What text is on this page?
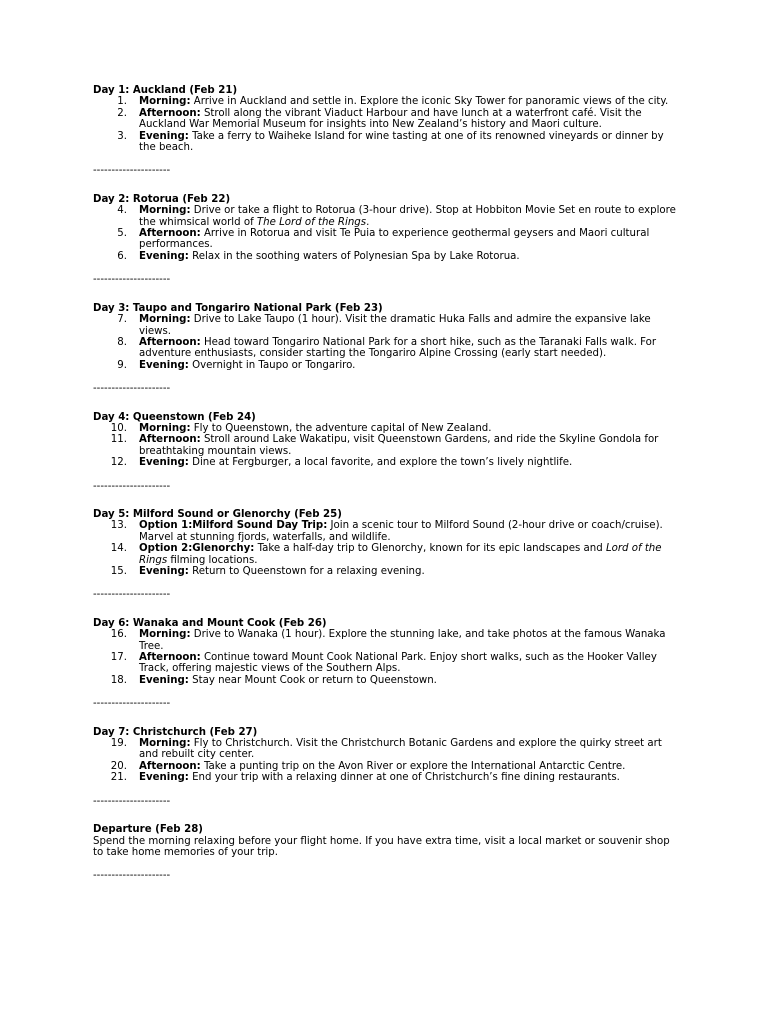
Day 1: Auckland (Feb 21)
1. Morning: Arrive in Auckland and settle in. Explore the iconic Sky Tower for panoramic views of the city.
2. Afternoon: Stroll along the vibrant Viaduct Harbour and have lunch at a waterfront café. Visit the Auckland War Memorial Museum for insights into New Zealand’s history and Maori culture.
3. Evening: Take a ferry to Waiheke Island for wine tasting at one of its renowned vineyards or dinner by the beach.
---------------------
Day 2: Rotorua (Feb 22)
4. Morning: Drive or take a flight to Rotorua (3-hour drive). Stop at Hobbiton Movie Set en route to explore the whimsical world of The Lord of the Rings.
5. Afternoon: Arrive in Rotorua and visit Te Puia to experience geothermal geysers and Maori cultural performances.
6. Evening: Relax in the soothing waters of Polynesian Spa by Lake Rotorua.
---------------------
Day 3: Taupo and Tongariro National Park (Feb 23)
7. Morning: Drive to Lake Taupo (1 hour). Visit the dramatic Huka Falls and admire the expansive lake views.
8. Afternoon: Head toward Tongariro National Park for a short hike, such as the Taranaki Falls walk. For adventure enthusiasts, consider starting the Tongariro Alpine Crossing (early start needed).
9. Evening: Overnight in Taupo or Tongariro.
---------------------
Day 4: Queenstown (Feb 24)
10. Morning: Fly to Queenstown, the adventure capital of New Zealand.
11. Afternoon: Stroll around Lake Wakatipu, visit Queenstown Gardens, and ride the Skyline Gondola for breathtaking mountain views.
12. Evening: Dine at Fergburger, a local favorite, and explore the town’s lively nightlife.
---------------------
Day 5: Milford Sound or Glenorchy (Feb 25)
13. Option 1:Milford Sound Day Trip: Join a scenic tour to Milford Sound (2-hour drive or coach/cruise). Marvel at stunning fjords, waterfalls, and wildlife.
14. Option 2:Glenorchy: Take a half-day trip to Glenorchy, known for its epic landscapes and Lord of the Rings filming locations.
15. Evening: Return to Queenstown for a relaxing evening.
---------------------
Day 6: Wanaka and Mount Cook (Feb 26)
16. Morning: Drive to Wanaka (1 hour). Explore the stunning lake, and take photos at the famous Wanaka Tree.
17. Afternoon: Continue toward Mount Cook National Park. Enjoy short walks, such as the Hooker Valley Track, offering majestic views of the Southern Alps.
18. Evening: Stay near Mount Cook or return to Queenstown.
---------------------
Day 7: Christchurch (Feb 27)
19. Morning: Fly to Christchurch. Visit the Christchurch Botanic Gardens and explore the quirky street art and rebuilt city center.
20. Afternoon: Take a punting trip on the Avon River or explore the International Antarctic Centre.
21. Evening: End your trip with a relaxing dinner at one of Christchurch’s fine dining restaurants.
---------------------
Departure (Feb 28)

Spend the morning relaxing before your flight home. If you have extra time, visit a local market or souvenir shop to take home memories of your trip.

---------------------
